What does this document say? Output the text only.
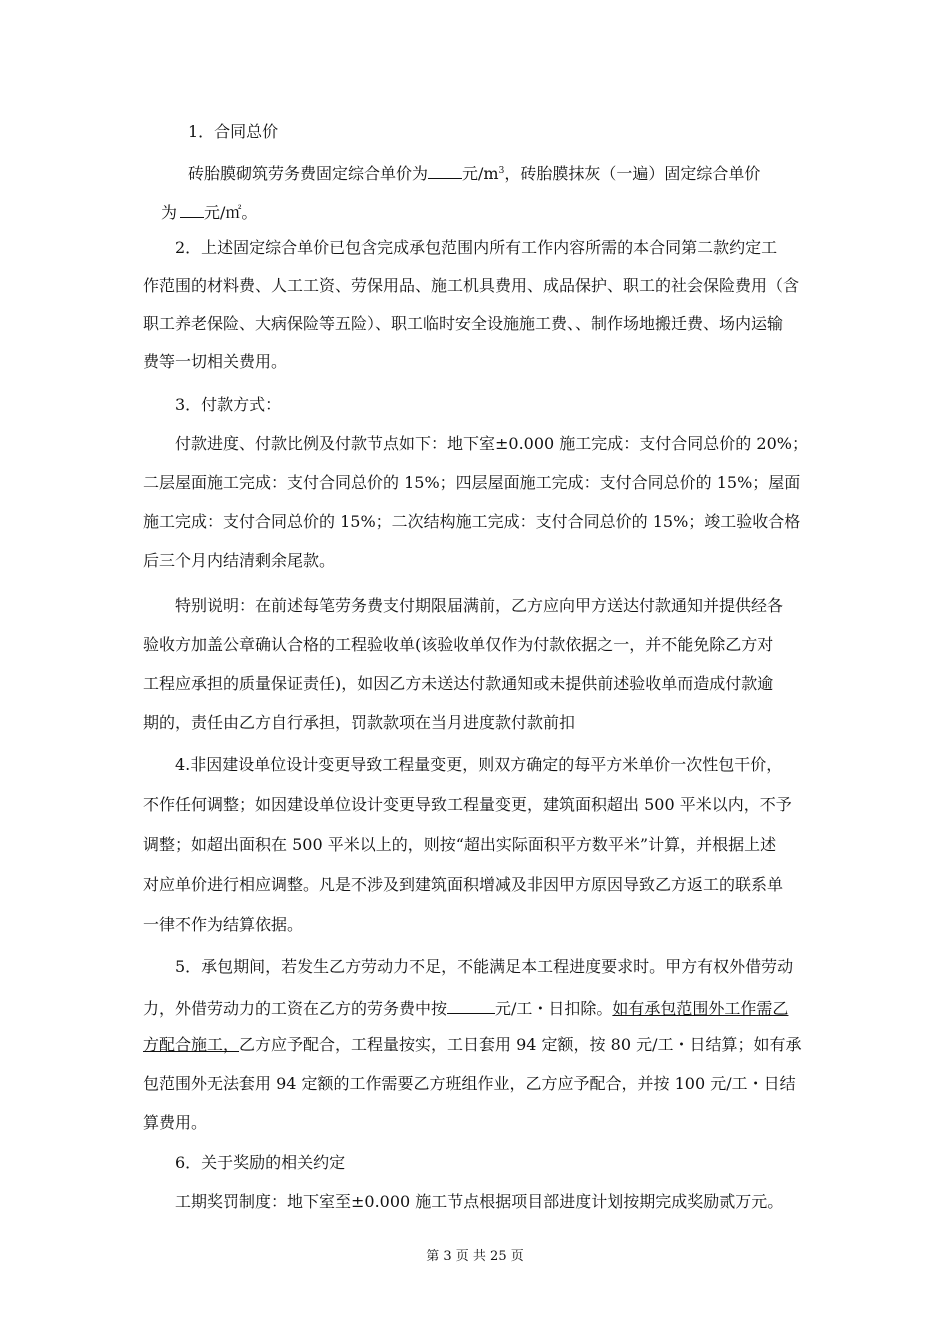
1．合同总价
砖胎膜砌筑劳务费固定综合单价为 元$/m^3$，砖胎膜抹灰（一遍）固定综合单价
为 元/㎡。
2．上述固定综合单价已包含完成承包范围内所有工作内容所需的本合同第二款约定工
作范围的材料费、人工工资、劳保用品、施工机具费用、成品保护、职工的社会保险费用（含
职工养老保险、大病保险等五险）、职工临时安全设施施工费、、制作场地搬迁费、场内运输
费等一切相关费用。
3．付款方式：
付款进度、付款比例及付款节点如下：地下室±0.000 施工完成：支付合同总价的 20%；
二层屋面施工完成：支付合同总价的 15%；四层屋面施工完成：支付合同总价的 15%；屋面
施工完成：支付合同总价的 15%；二次结构施工完成：支付合同总价的 15%；竣工验收合格
后三个月内结清剩余尾款。
特别说明：在前述每笔劳务费支付期限届满前，乙方应向甲方送达付款通知并提供经各
验收方加盖公章确认合格的工程验收单(该验收单仅作为付款依据之一，并不能免除乙方对
工程应承担的质量保证责任)，如因乙方未送达付款通知或未提供前述验收单而造成付款逾
期的，责任由乙方自行承担，罚款款项在当月进度款付款前扣
4.非因建设单位设计变更导致工程量变更，则双方确定的每平方米单价一次性包干价，
不作任何调整；如因建设单位设计变更导致工程量变更，建筑面积超出 500 平米以内，不予
调整；如超出面积在 500 平米以上的，则按“超出实际面积平方数平米”计算，并根据上述
对应单价进行相应调整。凡是不涉及到建筑面积增减及非因甲方原因导致乙方返工的联系单
一律不作为结算依据。
5．承包期间，若发生乙方劳动力不足，不能满足本工程进度要求时。甲方有权外借劳动
力，外借劳动力的工资在乙方的劳务费中按	元/工・日扣除。如有承包范围外工作需乙
方配合施工，乙方应予配合，工程量按实，工日套用 94 定额，按 80 元/工・日结算；如有承
包范围外无法套用 94 定额的工作需要乙方班组作业，乙方应予配合，并按 100 元/工・日结
算费用。
6．关于奖励的相关约定
工期奖罚制度：地下室至±0.000 施工节点根据项目部进度计划按期完成奖励贰万元。
第 3 页 共 25 页
